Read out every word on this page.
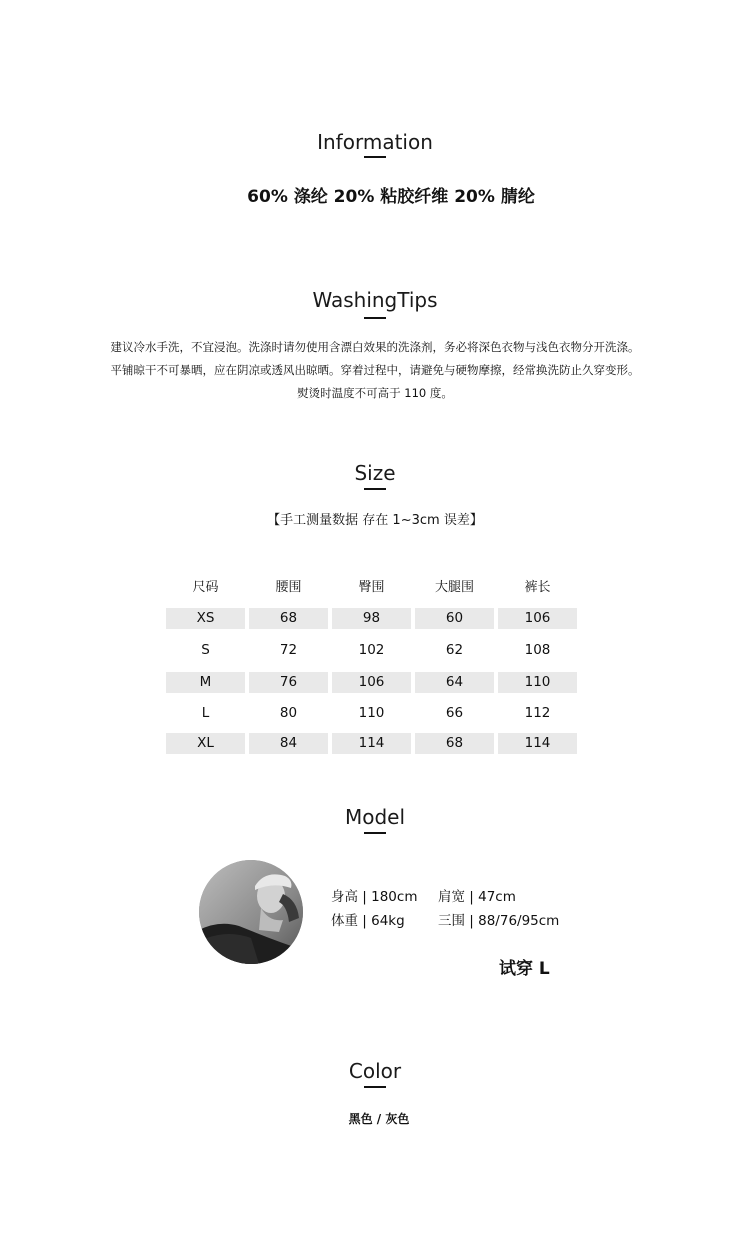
Information
60% 涤纶 20% 粘胶纤维 20% 腈纶
WashingTips
建议冷水手洗，不宜浸泡。洗涤时请勿使用含漂白效果的洗涤剂，务必将深色衣物与浅色衣物分开洗涤。
平铺晾干不可暴晒，应在阴凉或透风出晾晒。穿着过程中，请避免与硬物摩擦，经常换洗防止久穿变形。
熨烫时温度不可高于 110 度。
Size
【手工测量数据 存在 1~3cm 误差】
尺码	腰围	臀围	大腿围	裤长
XS	68	98	60	106
S	72	102	62	108
M	76	106	64	110
L	80	110	66	112
XL	84	114	68	114
Model
身高 | 180cm 肩宽 | 47cm
体重 | 64kg 三围 | 88/76/95cm
试穿 L
Color
黑色 / 灰色
